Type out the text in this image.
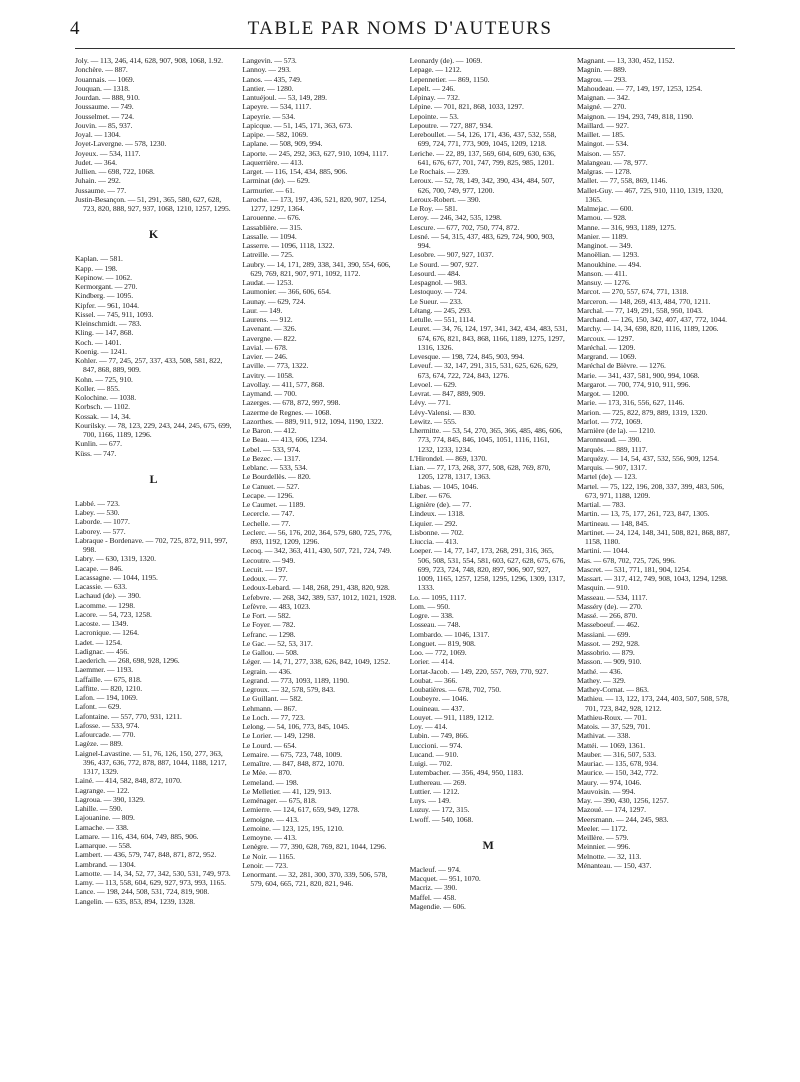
4	TABLE PAR NOMS D'AUTEURS
Joly. — 113, 246, 414, 628, 907, 908, 1068, 1.92.
Jonchère. — 887.
Jouannais. — 1069.
Jouquan. — 1318.
Jourdan. — 888, 910.
Joussaume. — 749.
Jousselmet. — 724.
Jouvin. — 85, 937.
Joyal. — 1304.
Joyet-Lavergne. — 578, 1230.
Joyeux. — 534, 1117.
Judet. — 364.
Jullien. — 698, 722, 1068.
Juhain. — 292.
Jussaume. — 77.
Justin-Besançon. — 51, 291, 365, 580, 627, 628, 723, 820, 888, 927, 937, 1068, 1210, 1257, 1295.
K
Kaplan. — 581.
Kapp. — 198.
Kepinow. — 1062.
Kermorgant. — 270.
Kindberg. — 1095.
Kipfer. — 961, 1044.
Kissel. — 745, 911, 1093.
Kleinschmidt. — 783.
Kling. — 147, 868.
Koch. — 1401.
Koenig. — 1241.
Kohler. — 77, 245, 257, 337, 433, 508, 581, 822, 847, 868, 889, 909.
Kohn. — 725, 910.
Koller. — 855.
Kolochine. — 1038.
Korbsch. — 1102.
Kossak. — 14, 34.
Kourilsky. — 78, 123, 229, 243, 244, 245, 675, 699, 700, 1166, 1189, 1296.
Kunlin. — 677.
Küss. — 747.
L
Labbé. — 723.
Labey. — 530.
Laborde. — 1077.
Laborey. — 577.
Labraque - Bordenave. — 702, 725, 872, 911, 997, 998.
Labry. — 630, 1319, 1320.
Lacape. — 846.
Lacassagne. — 1044, 1195.
Lacassie. — 633.
Lachaud (de). — 390.
Lacomme. — 1298.
Lacore. — 54, 723, 1258.
Lacoste. — 1349.
Lacronique. — 1264.
Ladet. — 1254.
Ladignac. — 456.
Laederich. — 268, 698, 928, 1296.
Laemmer. — 1193.
Laffaille. — 675, 818.
Laffitte. — 820, 1210.
Lafon. — 194, 1069.
Lafont. — 629.
Lafontaine. — 557, 770, 931, 1211.
Lafosse. — 533, 974.
Lafourcade. — 770.
Lagèze. — 889.
Laignel-Lavastine. — 51, 76, 126, 150, 277, 363, 396, 437, 636, 772, 878, 887, 1044, 1188, 1217, 1317, 1329.
Lainé. — 414, 582, 848, 872, 1070.
Lagrange. — 122.
Lagroua. — 390, 1329.
Lahille. — 590.
Lajouanine. — 809.
Lamache. — 338.
Lamare. — 116, 434, 604, 749, 885, 906.
Lamarque. — 558.
Lambert. — 436, 579, 747, 848, 871, 872, 952.
Lambrand. — 1304.
Lamotte. — 14, 34, 52, 77, 342, 530, 531, 749, 973.
Lamy. — 113, 558, 604, 629, 927, 973, 993, 1165.
Lance. — 198, 244, 508, 531, 724, 819, 908.
Langelin. — 635, 853, 894, 1239, 1328.
Langevin. — 573.
Lannoy. — 293.
Lanos. — 435, 749.
Lantier. — 1280.
Lantuéjoul. — 53, 149, 289.
Lapeyre. — 534, 1117.
Lapeyrie. — 534.
Lapicque. — 51, 145, 171, 363, 673.
Lapipe. — 582, 1069.
Laplane. — 508, 909, 994.
Laporte. — 245, 292, 363, 627, 910, 1094, 1117.
Laquerrière. — 413.
Larget. — 116, 154, 434, 885, 906.
Larminat (de). — 629.
Larmurier. — 61.
Laroche. — 173, 197, 436, 521, 820, 907, 1254, 1277, 1297, 1364.
Larouenne. — 676.
Lassablière. — 315.
Lassalle. — 1094.
Lasserre. — 1096, 1118, 1322.
Latreille. — 725.
Laubry. — 14, 171, 289, 338, 341, 390, 554, 606, 629, 769, 821, 907, 971, 1092, 1172.
Laudat. — 1253.
Laumonier. — 366, 606, 654.
Launay. — 629, 724.
Laur. — 149.
Laurens. — 912.
Lavenant. — 326.
Lavergne. — 822.
Lavial. — 678.
Lavier. — 246.
Laville. — 773, 1322.
Lavitry. — 1058.
Lavollay. — 411, 577, 868.
Laymand. — 700.
Lazerges. — 678, 872, 997, 998.
Lazerme de Regnes. — 1068.
Lazorthes. — 889, 911, 912, 1094, 1190, 1322.
Le Baron. — 412.
Le Beau. — 413, 606, 1234.
Lebel. — 533, 974.
Le Bezec. — 1317.
Leblanc. — 533, 534.
Le Bourdellès. — 820.
Le Canuet. — 527.
Lecape. — 1296.
Le Caumet. — 1189.
Lecercle. — 747.
Lechelle. — 77.
Leclerc. — 56, 176, 202, 364, 579, 680, 725, 776, 893, 1192, 1209, 1296.
Lecoq. — 342, 363, 411, 430, 507, 721, 724, 749.
Lecoutre. — 949.
Lecuit. — 197.
Ledoux. — 77.
Ledoux-Lebard. — 148, 268, 291, 438, 820, 928.
Lefebvre. — 268, 342, 389, 537, 1012, 1021, 1928.
Lefèvre. — 483, 1023.
Le Fort. — 582.
Le Foyer. — 782.
Lefranc. — 1298.
Le Gac. — 52, 53, 317.
Le Gallou. — 508.
Léger. — 14, 71, 277, 338, 626, 842, 1049, 1252.
Legrain. — 436.
Legrand. — 773, 1093, 1189, 1190.
Legroux. — 32, 578, 579, 843.
Le Guillant. — 582.
Lehmann. — 867.
Le Loch. — 77, 723.
Lelong. — 54, 106, 773, 845, 1045.
Le Lorier. — 149, 1298.
Le Lourd. — 654.
Lemaire. — 675, 723, 748, 1009.
Lemaître. — 847, 848, 872, 1070.
Le Mée. — 870.
Lemeland. — 198.
Le Melletier. — 41, 129, 913.
Leménager. — 675, 818.
Lemierre. — 124, 617, 659, 949, 1278.
Lemoigne. — 413.
Lemoine. — 123, 125, 195, 1210.
Lemoyne. — 413.
Lenègre. — 77, 390, 628, 769, 821, 1044, 1296.
Le Noir. — 1165.
Lenoir. — 723.
Lenormant. — 32, 281, 300, 370, 339, 506, 578, 579, 604, 665, 721, 820, 821, 946.
Leonardy (de). — 1069.
Lepage. — 1212.
Lepennetier. — 869, 1150.
Lepelt. — 246.
Lépinay. — 732.
Lépine. — 701, 821, 868, 1033, 1297.
Lepointe. — 53.
Lepoutre. — 727, 887, 934.
Lereboullet. — 54, 126, 171, 436, 437, 532, 558, 699, 724, 771, 773, 909, 1045, 1209, 1218.
Leriche. — 22, 89, 137, 569, 604, 609, 630, 636, 641, 676, 677, 701, 747, 799, 825, 985, 1201.
Le Rochais. — 239.
Leroux. — 52, 78, 149, 342, 390, 434, 484, 507, 626, 700, 749, 977, 1200.
Leroux-Robert. — 390.
Le Roy. — 581.
Leroy. — 246, 342, 535, 1298.
Lescure. — 677, 702, 750, 774, 872.
Lesné. — 54, 315, 437, 483, 629, 724, 900, 903, 994.
Lesobre. — 907, 927, 1037.
Le Sourd. — 907, 927.
Lesourd. — 484.
Lespagnol. — 983.
Lestoquoy. — 724.
Le Sueur. — 233.
Létang. — 245, 293.
Letulle. — 551, 1114.
Leuret. — 34, 76, 124, 197, 341, 342, 434, 483, 531, 674, 676, 821, 843, 868, 1166, 1189, 1275, 1297, 1316, 1326.
Levesque. — 198, 724, 845, 903, 994.
Leveuf. — 32, 147, 291, 315, 531, 625, 626, 629, 673, 674, 722, 724, 843, 1276.
Levoel. — 629.
Levrat. — 847, 889, 909.
Lévy. — 771.
Lévy-Valensi. — 830.
Lewitz. — 555.
Lhermitte. — 53, 54, 270, 365, 366, 485, 486, 606, 773, 774, 845, 846, 1045, 1051, 1116, 1161, 1232, 1233, 1234.
L'Hirondel. — 869, 1370.
Lian. — 77, 173, 268, 377, 508, 628, 769, 870, 1205, 1278, 1317, 1363.
Liabas. — 1045, 1046.
Liber. — 676.
Lignière (de). — 77.
Lindeux. — 1318.
Liquier. — 292.
Lisbonne. — 702.
Liuccia. — 413.
Loeper. — 14, 77, 147, 173, 268, 291, 316, 365, 506, 508, 531, 554, 581, 603, 627, 628, 675, 676, 699, 723, 724, 748, 820, 897, 906, 907, 927, 1009, 1165, 1257, 1258, 1295, 1296, 1309, 1317, 1333.
Lo. — 1095, 1117.
Lom. — 950.
Logre. — 338.
Losseau. — 748.
Lombardo. — 1046, 1317.
Longuet. — 819, 908.
Loo. — 772, 1069.
Lorier. — 414.
Lortat-Jacob. — 149, 220, 557, 769, 770, 927.
Loubat. — 366.
Loubatières. — 678, 702, 750.
Loubeyre. — 1046.
Louineau. — 437.
Louyet. — 911, 1189, 1212.
Loy. — 414.
Lubin. — 749, 866.
Luccioni. — 974.
Lucand. — 910.
Luigi. — 702.
Lutembacher. — 356, 494, 950, 1183.
Luthereau. — 269.
Luttier. — 1212.
Luys. — 149.
Luzuy. — 172, 315.
Lwoff. — 540, 1068.
M
Macleuf. — 974.
Macquet. — 951, 1070.
Macriz. — 390.
Maffel. — 458.
Magendie. — 606.
Magnant. — 13, 330, 452, 1152.
Magnin. — 889.
Magrou. — 293.
Mahoudeau. — 77, 149, 197, 1253, 1254.
Maignan. — 342.
Maigné. — 270.
Maignon. — 194, 293, 749, 818, 1190.
Maillard. — 927.
Maillet. — 185.
Maingot. — 534.
Maison. — 557.
Malangeau. — 78, 977.
Malgras. — 1278.
Mallet. — 77, 558, 869, 1146.
Mallet-Guy. — 467, 725, 910, 1110, 1319, 1320, 1365.
Malmejac. — 600.
Mamou. — 928.
Manne. — 316, 993, 1189, 1275.
Manier. — 1189.
Manginot. — 349.
Manoëlian. — 1293.
Manoukhine. — 494.
Manson. — 411.
Mansuy. — 1276.
Marcot. — 270, 557, 674, 771, 1318.
Marceron. — 148, 269, 413, 484, 770, 1211.
Marchal. — 77, 149, 291, 558, 950, 1043.
Marchand. — 126, 150, 342, 407, 437, 772, 1044.
Marchy. — 14, 34, 698, 820, 1116, 1189, 1206.
Marcoux. — 1297.
Maréchal. — 1209.
Margrand. — 1069.
Maréchal de Bièvre. — 1276.
Marie. — 341, 437, 581, 900, 994, 1068.
Margarot. — 700, 774, 910, 911, 996.
Margot. — 1200.
Marie. — 173, 316, 556, 627, 1146.
Marion. — 725, 822, 879, 889, 1319, 1320.
Marlot. — 772, 1069.
Marnière (de la). — 1210.
Maronneaud. — 390.
Marquès. — 889, 1117.
Marquézy. — 14, 54, 437, 532, 556, 909, 1254.
Marquis. — 907, 1317.
Martel (de). — 123.
Martel. — 75, 122, 196, 208, 337, 399, 483, 506, 673, 971, 1188, 1209.
Martial. — 783.
Martin. — 13, 75, 177, 261, 723, 847, 1305.
Martineau. — 148, 845.
Martinet. — 24, 124, 148, 341, 508, 821, 868, 887, 1158, 1180.
Martini. — 1044.
Mas. — 678, 702, 725, 726, 996.
Mascret. — 531, 771, 181, 904, 1254.
Massart. — 317, 412, 749, 908, 1043, 1294, 1298.
Masquin. — 910.
Masseau. — 534, 1117.
Masséry (de). — 270.
Massé. — 266, 870.
Masseboeuf. — 462.
Massiani. — 699.
Massot. — 292, 928.
Massobrio. — 879.
Masson. — 909, 910.
Mathé. — 436.
Mathey. — 329.
Mathey-Cornat. — 863.
Mathieu. — 13, 122, 173, 244, 403, 507, 508, 578, 701, 723, 842, 928, 1212.
Mathieu-Roux. — 701.
Matois. — 37, 529, 701.
Mathivat. — 338.
Mattéi. — 1069, 1361.
Mauber. — 316, 507, 533.
Mauriac. — 135, 678, 934.
Maurice. — 150, 342, 772.
Maury. — 974, 1046.
Mauvoisin. — 994.
May. — 390, 430, 1256, 1257.
Mazoué. — 174, 1297.
Meersmann. — 244, 245, 983.
Meeler. — 1172.
Meillère. — 579.
Meinnier. — 996.
Melnotte. — 32, 113.
Ménanteau. — 150, 437.
